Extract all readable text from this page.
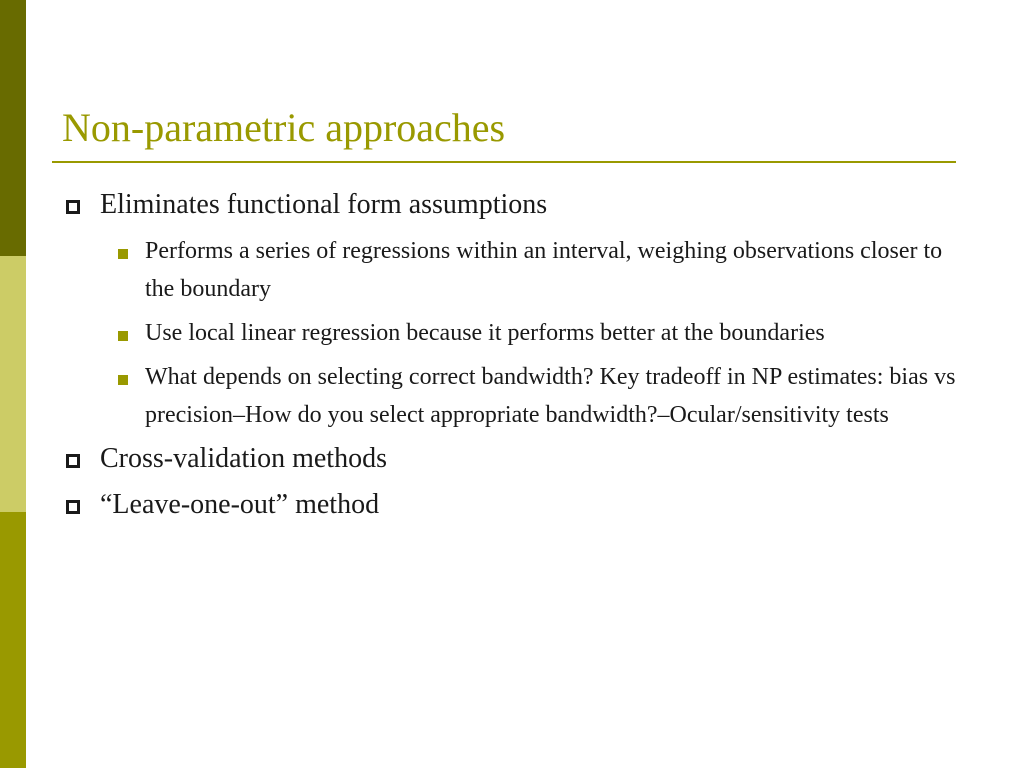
Non-parametric approaches
Eliminates functional form assumptions
Performs a series of regressions within an interval, weighing observations closer to the boundary
Use local linear regression because it performs better at the boundaries
What depends on selecting correct bandwidth? Key tradeoff in NP estimates: bias vs precision–How do you select appropriate bandwidth?–Ocular/sensitivity tests
Cross-validation methods
“Leave-one-out” method
